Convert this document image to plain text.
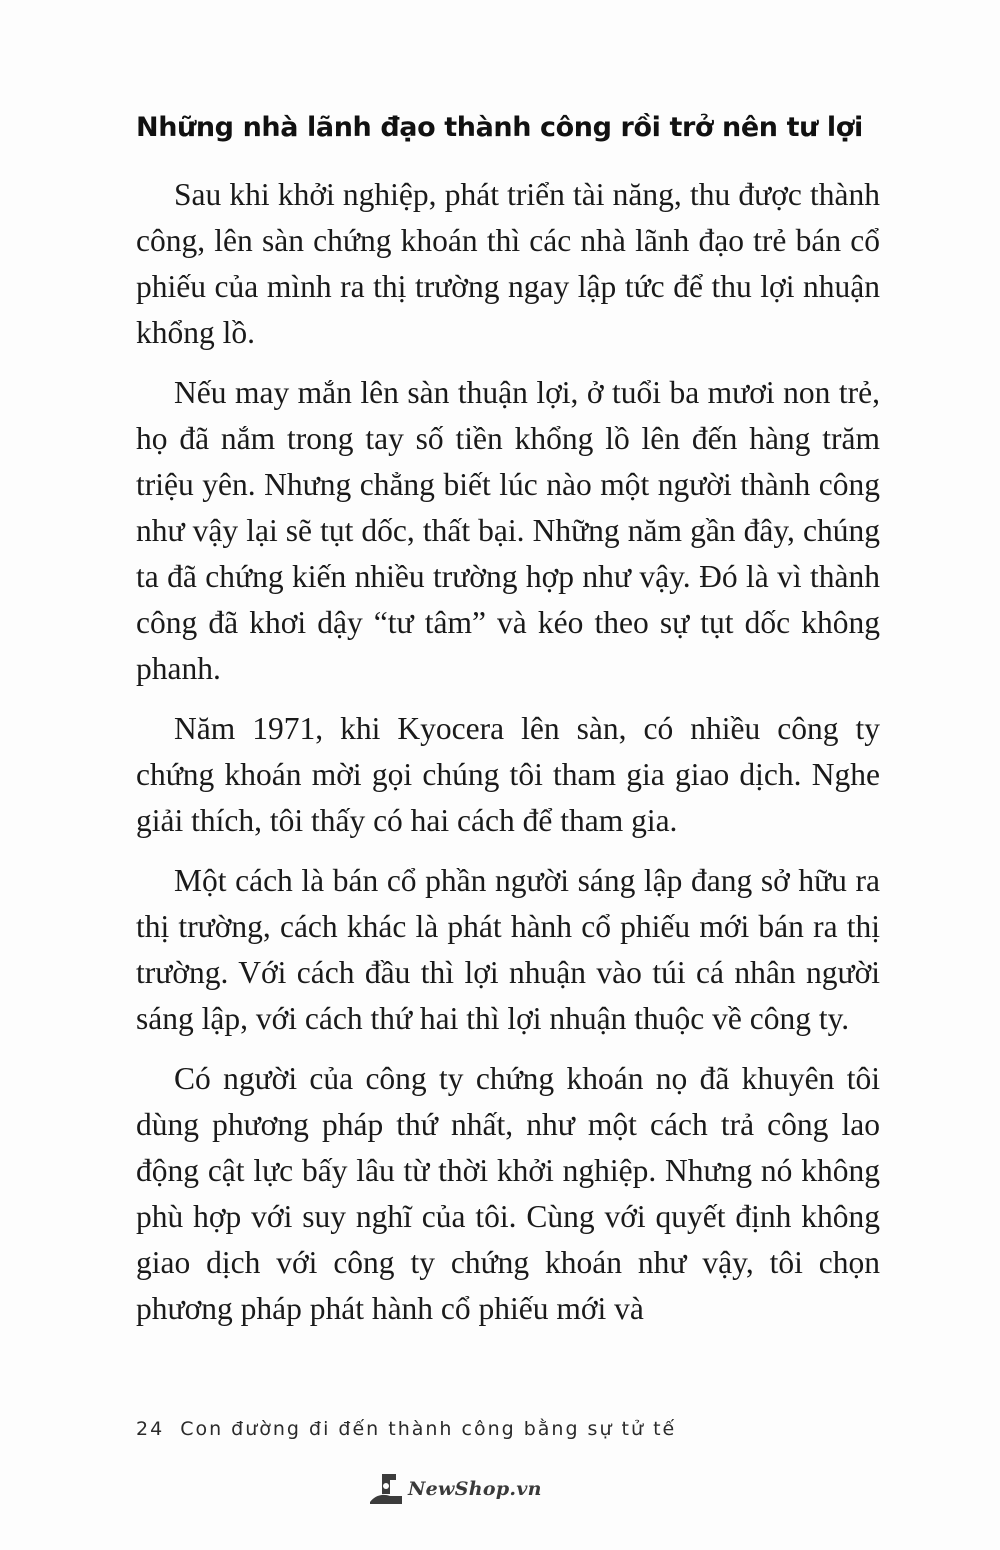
Những nhà lãnh đạo thành công rồi trở nên tư lợi

Sau khi khởi nghiệp, phát triển tài năng, thu được thành công, lên sàn chứng khoán thì các nhà lãnh đạo trẻ bán cổ phiếu của mình ra thị trường ngay lập tức để thu lợi nhuận khổng lồ.

Nếu may mắn lên sàn thuận lợi, ở tuổi ba mươi non trẻ, họ đã nắm trong tay số tiền khổng lồ lên đến hàng trăm triệu yên. Nhưng chẳng biết lúc nào một người thành công như vậy lại sẽ tụt dốc, thất bại. Những năm gần đây, chúng ta đã chứng kiến nhiều trường hợp như vậy. Đó là vì thành công đã khơi dậy “tư tâm” và kéo theo sự tụt dốc không phanh.

Năm 1971, khi Kyocera lên sàn, có nhiều công ty chứng khoán mời gọi chúng tôi tham gia giao dịch. Nghe giải thích, tôi thấy có hai cách để tham gia.

Một cách là bán cổ phần người sáng lập đang sở hữu ra thị trường, cách khác là phát hành cổ phiếu mới bán ra thị trường. Với cách đầu thì lợi nhuận vào túi cá nhân người sáng lập, với cách thứ hai thì lợi nhuận thuộc về công ty.

Có người của công ty chứng khoán nọ đã khuyên tôi dùng phương pháp thứ nhất, như một cách trả công lao động cật lực bấy lâu từ thời khởi nghiệp. Nhưng nó không phù hợp với suy nghĩ của tôi. Cùng với quyết định không giao dịch với công ty chứng khoán như vậy, tôi chọn phương pháp phát hành cổ phiếu mới và

24 Con đường đi đến thành công bằng sự tử tế
NewShop.vn
